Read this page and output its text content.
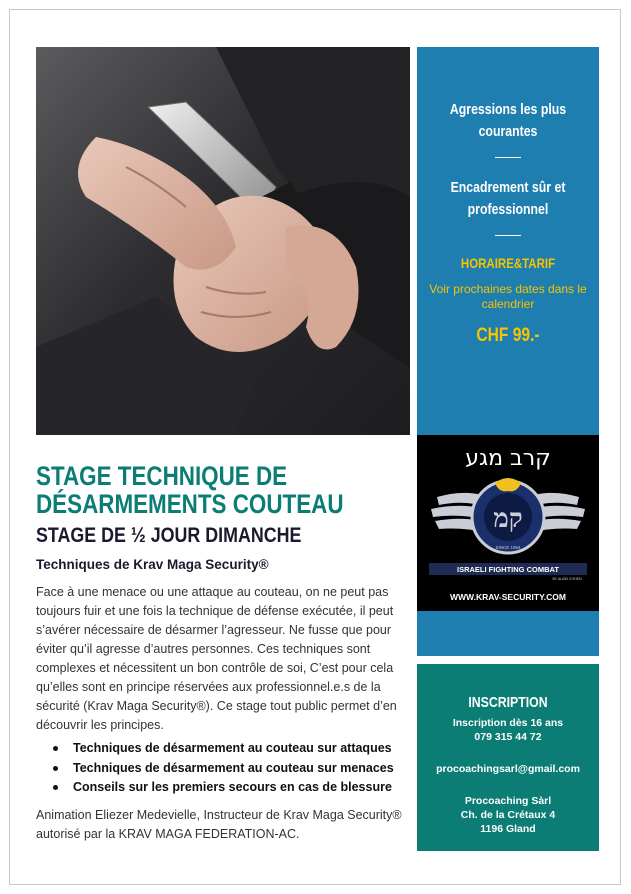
Agressions les plus courantes
Encadrement sûr et professionnel
HORAIRE&TARIF
Voir prochaines dates dans le calendrier
CHF 99.-
קמ
SINCE 1964
קרב מגע
ISRAELI FIGHTING COMBAT
BY ALAIN COHEN
WWW.KRAV-SECURITY.COM
INSCRIPTION
Inscription dès 16 ans
079 315 44 72
procoachingsarl@gmail.com
Procoaching Sàrl
Ch. de la Crétaux 4
1196 Gland
STAGE TECHNIQUE DE
DÉSARMEMENTS COUTEAU
STAGE DE ½ JOUR DIMANCHE
Techniques de Krav Maga Security®

Face à une menace ou une attaque au couteau, on ne peut pas toujours fuir et une fois la technique de défense exécutée, il peut s’avérer nécessaire de désarmer l’agresseur. Ne fusse que pour éviter qu’il agresse d’autres personnes. Ces techniques sont complexes et nécessitent un bon contrôle de soi, C’est pour cela qu’elles sont en principe réservées aux professionnel.e.s de la sécurité (Krav Maga Security®). Ce stage tout public permet d’en découvrir les principes.

Techniques de désarmement au couteau sur attaques
Techniques de désarmement au couteau sur menaces
Conseils sur les premiers secours en cas de blessure

Animation Eliezer Medevielle, Instructeur de Krav Maga Security® autorisé par la KRAV MAGA FEDERATION-AC.
